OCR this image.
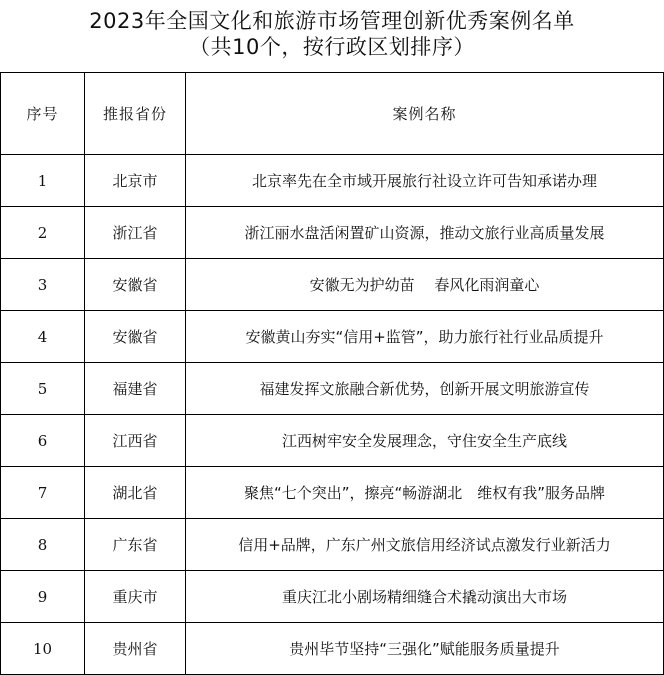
2023年全国文化和旅游市场管理创新优秀案例名单
（共10个，按行政区划排序）
序号	推报省份	案例名称
1	北京市	北京率先在全市域开展旅行社设立许可告知承诺办理
2	浙江省	浙江丽水盘活闲置矿山资源，推动文旅行业高质量发展
3	安徽省	安徽无为护幼苗　 春风化雨润童心
4	安徽省	安徽黄山夯实“信用+监管”，助力旅行社行业品质提升
5	福建省	福建发挥文旅融合新优势，创新开展文明旅游宣传
6	江西省	江西树牢安全发展理念，守住安全生产底线
7	湖北省	聚焦“七个突出”，擦亮“畅游湖北　维权有我”服务品牌
8	广东省	信用+品牌，广东广州文旅信用经济试点激发行业新活力
9	重庆市	重庆江北小剧场精细缝合术撬动演出大市场
10	贵州省	贵州毕节坚持“三强化”赋能服务质量提升
